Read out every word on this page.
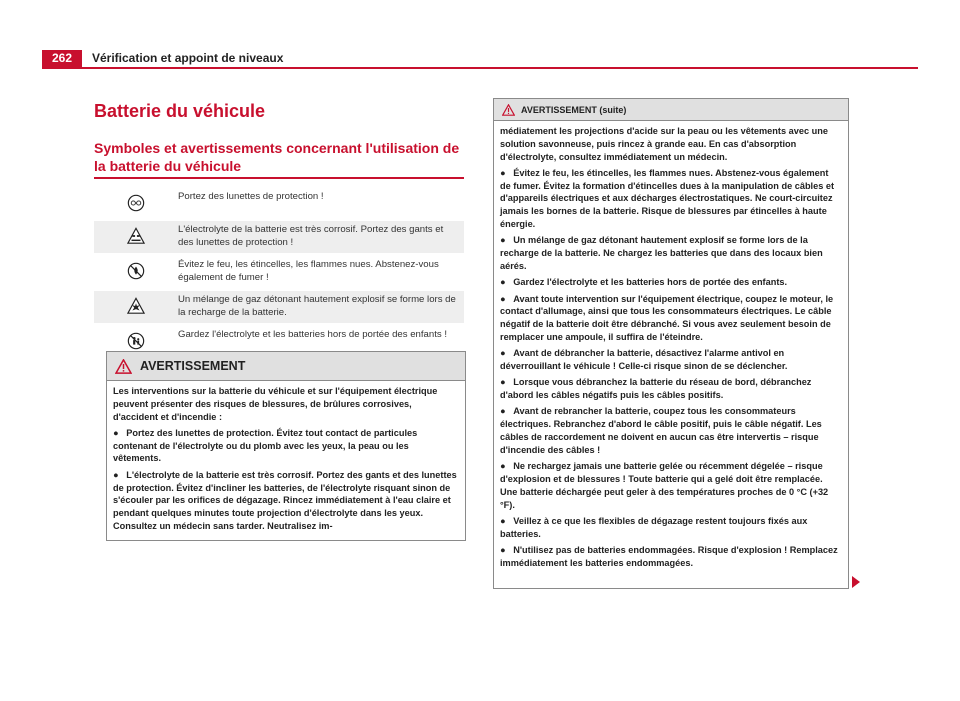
262	Vérification et appoint de niveaux
Batterie du véhicule
Symboles et avertissements concernant l'utilisation de la batterie du véhicule
Portez des lunettes de protection !
L'électrolyte de la batterie est très corrosif. Portez des gants et des lunettes de protection !
Évitez le feu, les étincelles, les flammes nues. Abstenez-vous également de fumer !
Un mélange de gaz détonant hautement explosif se forme lors de la recharge de la batterie.
Gardez l'électrolyte et les batteries hors de portée des enfants !
AVERTISSEMENT

Les interventions sur la batterie du véhicule et sur l'équipement électrique peuvent présenter des risques de blessures, de brûlures corrosives, d'accident et d'incendie :

● Portez des lunettes de protection. Évitez tout contact de particules contenant de l'électrolyte ou du plomb avec les yeux, la peau ou les vêtements.

● L'électrolyte de la batterie est très corrosif. Portez des gants et des lunettes de protection. Évitez d'incliner les batteries, de l'électrolyte risquant sinon de s'écouler par les orifices de dégazage. Rincez immédiatement à l'eau claire et pendant quelques minutes toute projection d'électrolyte dans les yeux. Consultez un médecin sans tarder. Neutralisez im-

AVERTISSEMENT (suite)

médiatement les projections d'acide sur la peau ou les vêtements avec une solution savonneuse, puis rincez à grande eau. En cas d'absorption d'électrolyte, consultez immédiatement un médecin.

● Évitez le feu, les étincelles, les flammes nues. Abstenez-vous également de fumer. Évitez la formation d'étincelles dues à la manipulation de câbles et d'appareils électriques et aux décharges électrostatiques. Ne court-circuitez jamais les bornes de la batterie. Risque de blessures par étincelles à haute énergie.

● Un mélange de gaz détonant hautement explosif se forme lors de la recharge de la batterie. Ne chargez les batteries que dans des locaux bien aérés.

● Gardez l'électrolyte et les batteries hors de portée des enfants.

● Avant toute intervention sur l'équipement électrique, coupez le moteur, le contact d'allumage, ainsi que tous les consommateurs électriques. Le câble négatif de la batterie doit être débranché. Si vous avez seulement besoin de remplacer une ampoule, il suffira de l'éteindre.

● Avant de débrancher la batterie, désactivez l'alarme antivol en déverrouillant le véhicule ! Celle-ci risque sinon de se déclencher.

● Lorsque vous débranchez la batterie du réseau de bord, débranchez d'abord les câbles négatifs puis les câbles positifs.

● Avant de rebrancher la batterie, coupez tous les consommateurs électriques. Rebranchez d'abord le câble positif, puis le câble négatif. Les câbles de raccordement ne doivent en aucun cas être intervertis – risque d'incendie des câbles !

● Ne rechargez jamais une batterie gelée ou récemment dégelée – risque d'explosion et de blessures ! Toute batterie qui a gelé doit être remplacée. Une batterie déchargée peut geler à des températures proches de 0 °C (+32 °F).

● Veillez à ce que les flexibles de dégazage restent toujours fixés aux batteries.

● N'utilisez pas de batteries endommagées. Risque d'explosion ! Remplacez immédiatement les batteries endommagées.
